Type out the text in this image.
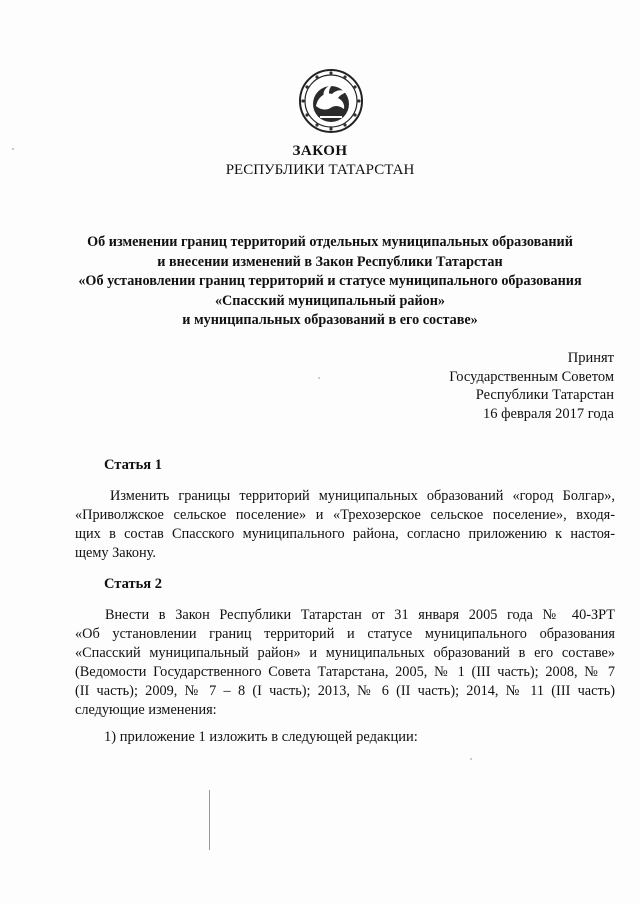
ЗАКОН
РЕСПУБЛИКИ ТАТАРСТАН
Об изменении границ территорий отдельных муниципальных образований
и внесении изменений в Закон Республики Татарстан
«Об установлении границ территорий и статусе муниципального образования
«Спасский муниципальный район»
и муниципальных образований в его составе»
Принят
Государственным Советом
Республики Татарстан
16 февраля 2017 года
Статья 1
Изменить границы территорий муниципальных образований «город Болгар»,
«Приволжское сельское поселение» и «Трехозерское сельское поселение», входя-
щих в состав Спасского муниципального района, согласно приложению к настоя-
щему Закону.
Статья 2
Внести в Закон Республики Татарстан от 31 января 2005 года № 40-ЗРТ
«Об установлении границ территорий и статусе муниципального образования
«Спасский муниципальный район» и муниципальных образований в его составе»
(Ведомости Государственного Совета Татарстана, 2005, № 1 (III часть); 2008, № 7
(II часть); 2009, № 7 – 8 (I часть); 2013, № 6 (II часть); 2014, № 11 (III часть)
следующие изменения:
1) приложение 1 изложить в следующей редакции:
